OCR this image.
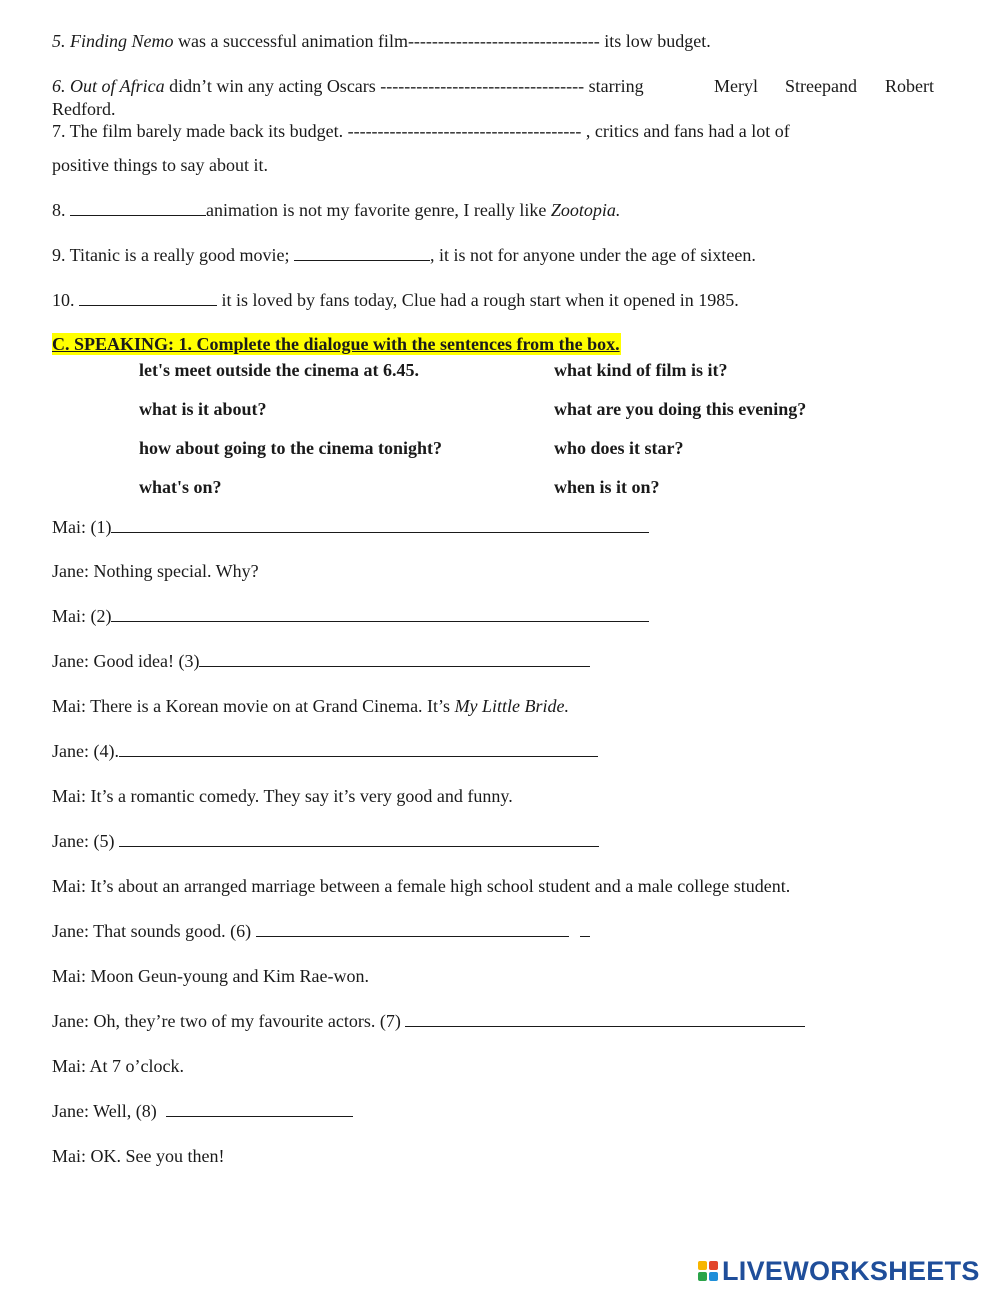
5. Finding Nemo was a successful animation film-------------------------------- its low budget.
6. Out of Africa didn’t win any acting Oscars ---------------------------------- starring	Meryl Streepand Robert
Redford.
7. The film barely made back its budget. --------------------------------------- , critics and fans had a lot of
positive things to say about it.
8.	animation is not my favorite genre, I really like Zootopia.
9. Titanic is a really good movie;	, it is not for anyone under the age of sixteen.
10.	it is loved by fans today, Clue had a rough start when it opened in 1985.
C. SPEAKING: 1. Complete the dialogue with the sentences from the box.
let's meet outside the cinema at 6.45.	what kind of film is it?
what is it about?	what are you doing this evening?
how about going to the cinema tonight?	who does it star?
what's on?	when is it on?
Mai: (1)
Jane: Nothing special. Why?
Mai: (2)
Jane: Good idea! (3)
Mai: There is a Korean movie on at Grand Cinema. It’s My Little Bride.
Jane: (4).
Mai: It’s a romantic comedy. They say it’s very good and funny.
Jane: (5)
Mai: It’s about an arranged marriage between a female high school student and a male college student.
Jane: That sounds good. (6)
Mai: Moon Geun-young and Kim Rae-won.
Jane: Oh, they’re two of my favourite actors. (7)
Mai: At 7 o’clock.
Jane: Well, (8)
Mai: OK. See you then!
LIVEWORKSHEETS
